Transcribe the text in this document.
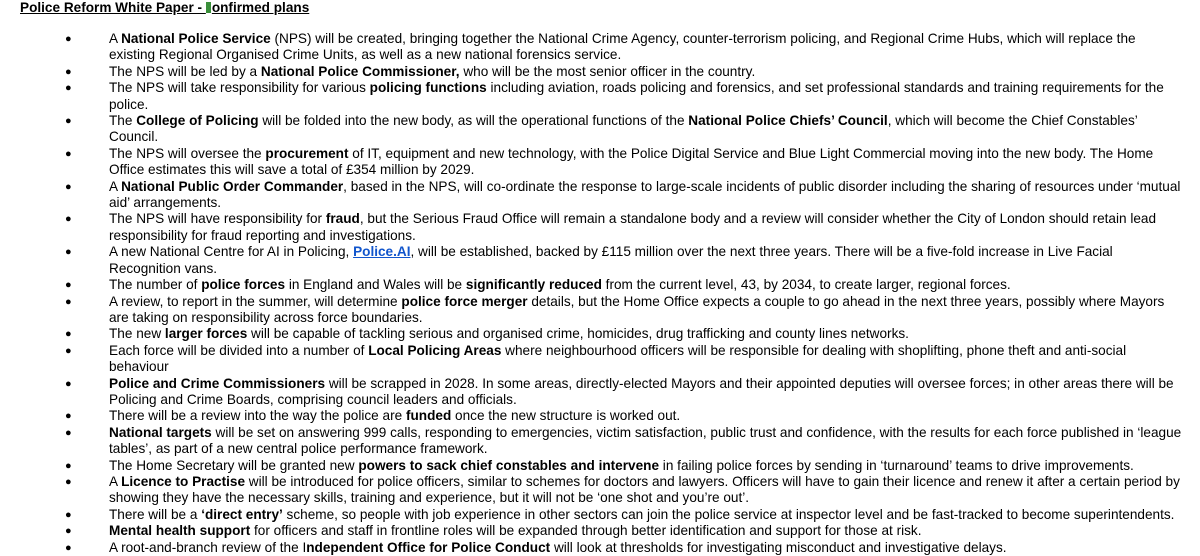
Police Reform White Paper - onfirmed plans
●	A National Police Service (NPS) will be created, bringing together the National Crime Agency, counter-terrorism policing, and Regional Crime Hubs, which will replace the existing Regional Organised Crime Units, as well as a new national forensics service.
●	The NPS will be led by a National Police Commissioner, who will be the most senior officer in the country.
●	The NPS will take responsibility for various policing functions including aviation, roads policing and forensics, and set professional standards and training requirements for the police.
●	The College of Policing will be folded into the new body, as will the operational functions of the National Police Chiefs’ Council, which will become the Chief Constables’ Council.
●	The NPS will oversee the procurement of IT, equipment and new technology, with the Police Digital Service and Blue Light Commercial moving into the new body. The Home Office estimates this will save a total of £354 million by 2029.
●	A National Public Order Commander, based in the NPS, will co-ordinate the response to large-scale incidents of public disorder including the sharing of resources under ‘mutual aid’ arrangements.
●	The NPS will have responsibility for fraud, but the Serious Fraud Office will remain a standalone body and a review will consider whether the City of London should retain lead responsibility for fraud reporting and investigations.
●	A new National Centre for AI in Policing, Police.AI, will be established, backed by £115 million over the next three years. There will be a five-fold increase in Live Facial Recognition vans.
●	The number of police forces in England and Wales will be significantly reduced from the current level, 43, by 2034, to create larger, regional forces.
●	A review, to report in the summer, will determine police force merger details, but the Home Office expects a couple to go ahead in the next three years, possibly where Mayors are taking on responsibility across force boundaries.
●	The new larger forces will be capable of tackling serious and organised crime, homicides, drug trafficking and county lines networks.
●	Each force will be divided into a number of Local Policing Areas where neighbourhood officers will be responsible for dealing with shoplifting, phone theft and anti-social behaviour
●	Police and Crime Commissioners will be scrapped in 2028. In some areas, directly-elected Mayors and their appointed deputies will oversee forces; in other areas there will be Policing and Crime Boards, comprising council leaders and officials.
●	There will be a review into the way the police are funded once the new structure is worked out.
●	National targets will be set on answering 999 calls, responding to emergencies, victim satisfaction, public trust and confidence, with the results for each force published in ‘league tables’, as part of a new central police performance framework.
●	The Home Secretary will be granted new powers to sack chief constables and intervene in failing police forces by sending in ‘turnaround’ teams to drive improvements.
●	A Licence to Practise will be introduced for police officers, similar to schemes for doctors and lawyers. Officers will have to gain their licence and renew it after a certain period by showing they have the necessary skills, training and experience, but it will not be ‘one shot and you’re out’.
●	There will be a ‘direct entry’ scheme, so people with job experience in other sectors can join the police service at inspector level and be fast-tracked to become superintendents.
●	Mental health support for officers and staff in frontline roles will be expanded through better identification and support for those at risk.
●	A root-and-branch review of the Independent Office for Police Conduct will look at thresholds for investigating misconduct and investigative delays.
